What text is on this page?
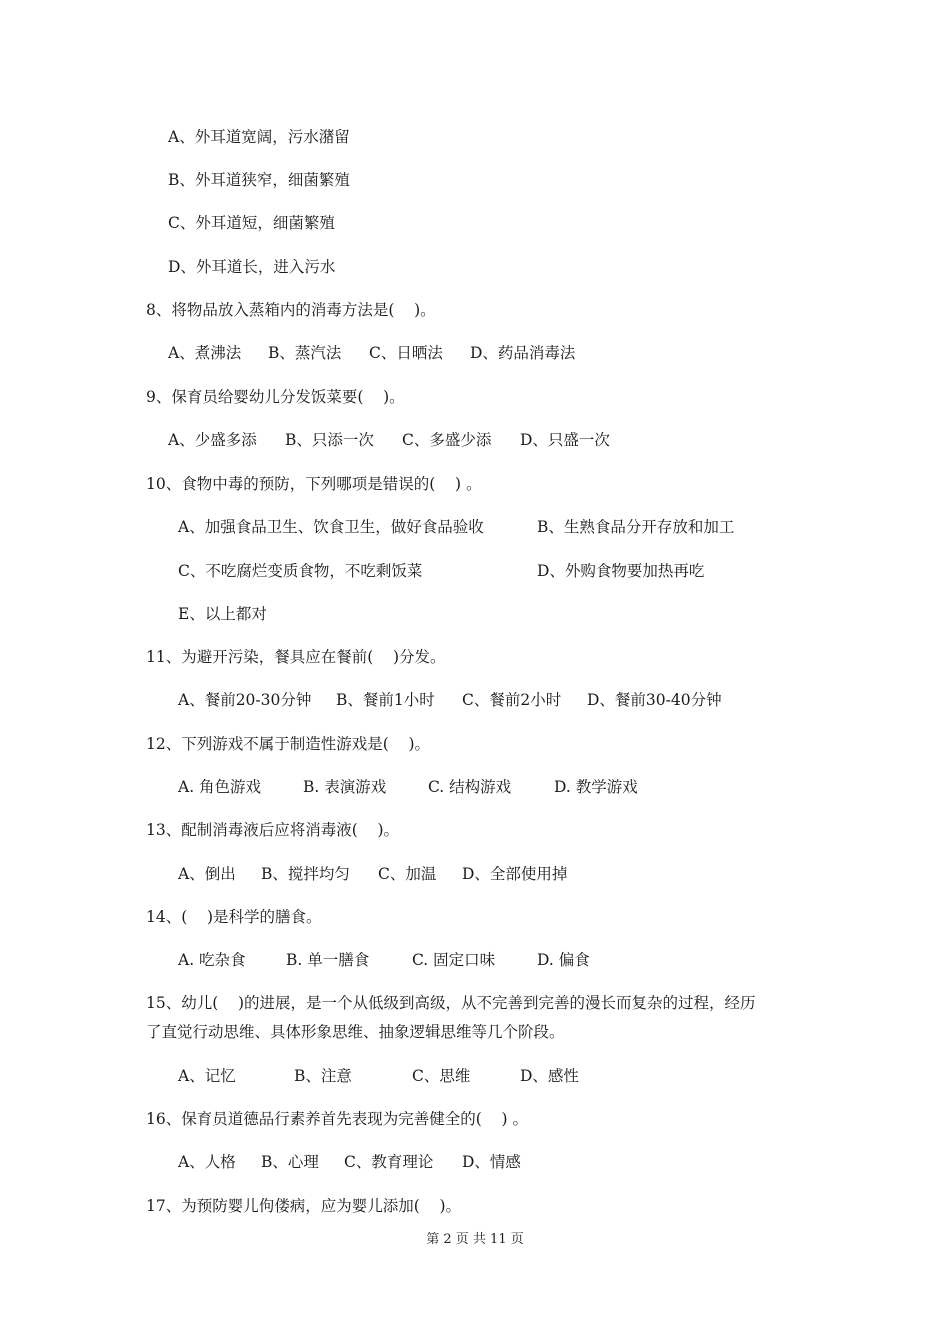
A、外耳道宽阔，污水潴留
B、外耳道狭窄，细菌繁殖
C、外耳道短，细菌繁殖
D、外耳道长，进入污水
8、将物品放入蒸箱内的消毒方法是(    )。
A、煮沸法 B、蒸汽法 C、日晒法 D、药品消毒法
9、保育员给婴幼儿分发饭菜要(    )。
A、少盛多添 B、只添一次 C、多盛少添 D、只盛一次
10、食物中毒的预防，下列哪项是错误的(    ) 。
A、加强食品卫生、饮食卫生，做好食品验收	B、生熟食品分开存放和加工
C、不吃腐烂变质食物，不吃剩饭菜	D、外购食物要加热再吃
E、以上都对
11、为避开污染，餐具应在餐前(    )分发。
A、餐前20-30分钟 B、餐前1小时 C、餐前2小时 D、餐前30-40分钟
12、下列游戏不属于制造性游戏是(    )。
A. 角色游戏	B. 表演游戏	C. 结构游戏	D. 教学游戏
13、配制消毒液后应将消毒液(    )。
A、倒出 B、搅拌均匀 C、加温 D、全部使用掉
14、(    )是科学的膳食。
A. 吃杂食	B. 单一膳食	C. 固定口味	D. 偏食
15、幼儿(    )的进展，是一个从低级到高级，从不完善到完善的漫长而复杂的过程，经历
了直觉行动思维、具体形象思维、抽象逻辑思维等几个阶段。
A、记忆	B、注意	C、思维	D、感性
16、保育员道德品行素养首先表现为完善健全的(    ) 。
A、人格 B、心理 C、教育理论 D、情感
17、为预防婴儿佝偻病，应为婴儿添加(    )。
第 2 页 共 11 页
